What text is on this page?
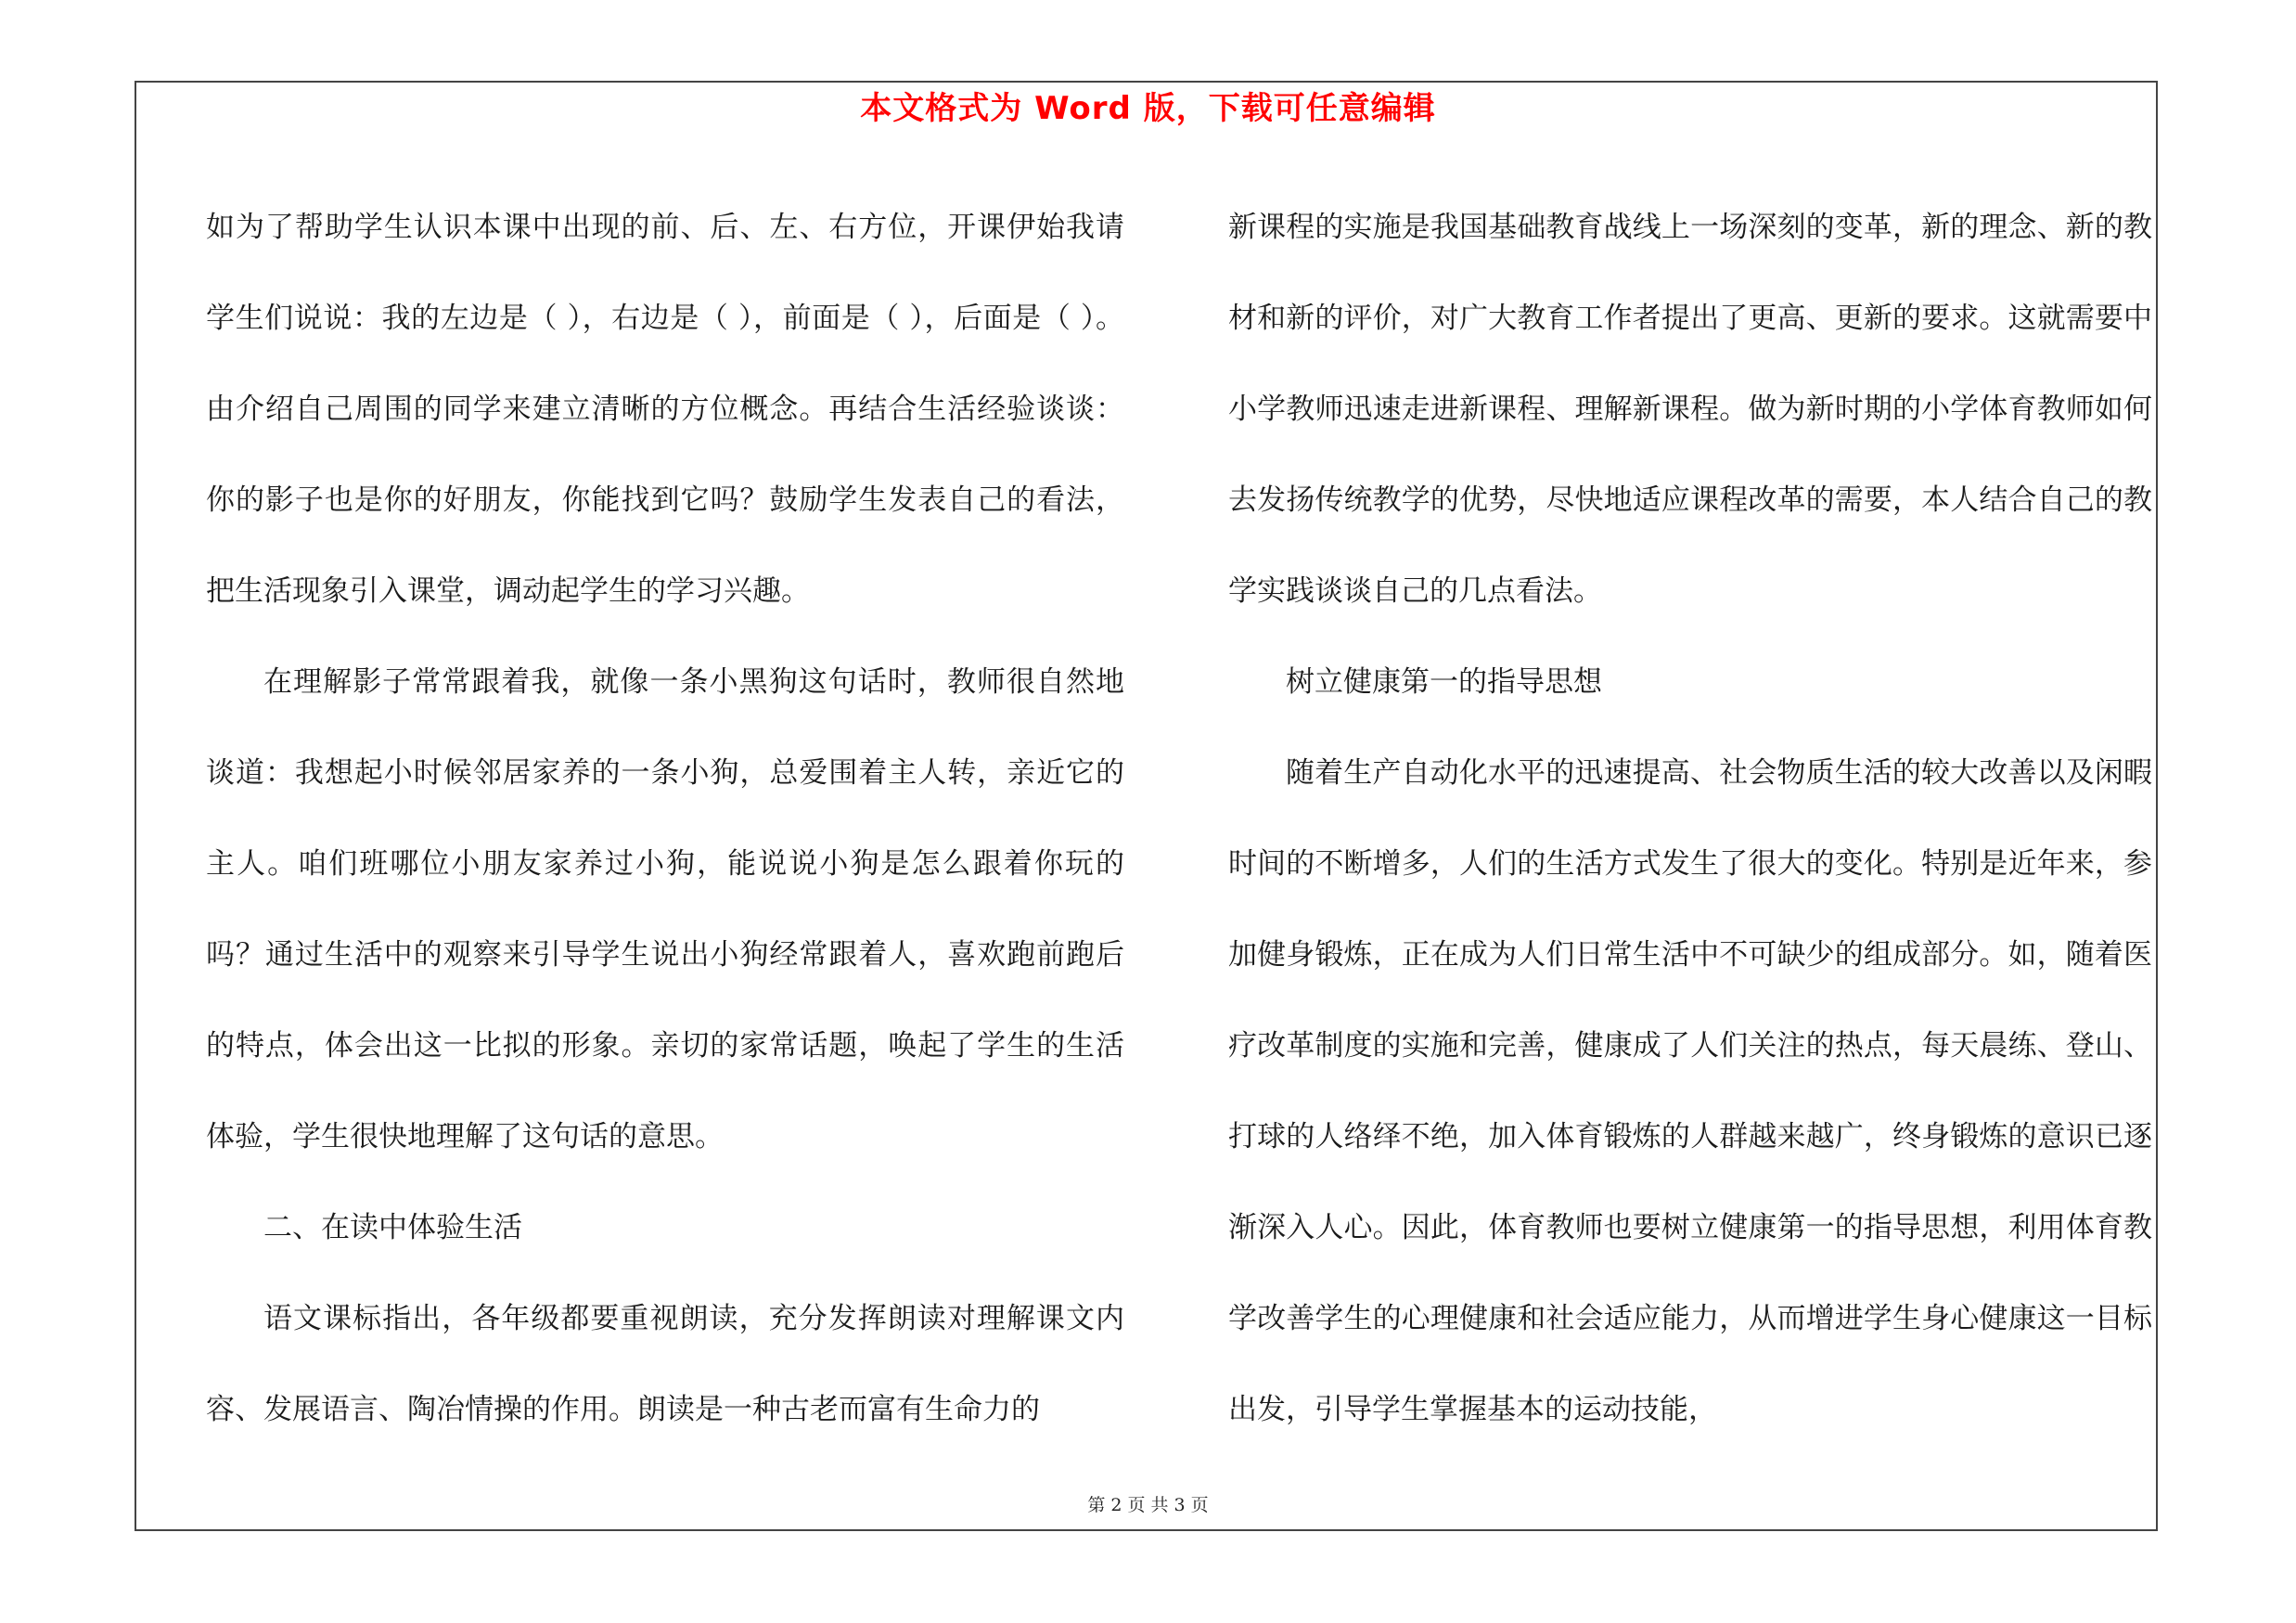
本文格式为 Word 版，下载可任意编辑

如为了帮助学生认识本课中出现的前、后、左、右方位，开课伊始我请学生们说说：我的左边是（ ），右边是（ ），前面是（ ），后面是（ ）。由介绍自己周围的同学来建立清晰的方位概念。再结合生活经验谈谈：你的影子也是你的好朋友，你能找到它吗？鼓励学生发表自己的看法，把生活现象引入课堂，调动起学生的学习兴趣。

在理解影子常常跟着我，就像一条小黑狗这句话时，教师很自然地谈道：我想起小时候邻居家养的一条小狗，总爱围着主人转，亲近它的主人。咱们班哪位小朋友家养过小狗，能说说小狗是怎么跟着你玩的吗？通过生活中的观察来引导学生说出小狗经常跟着人，喜欢跑前跑后的特点，体会出这一比拟的形象。亲切的家常话题，唤起了学生的生活体验，学生很快地理解了这句话的意思。

二、在读中体验生活

语文课标指出，各年级都要重视朗读，充分发挥朗读对理解课文内容、发展语言、陶冶情操的作用。朗读是一种古老而富有生命力的

新课程的实施是我国基础教育战线上一场深刻的变革，新的理念、新的教材和新的评价，对广大教育工作者提出了更高、更新的要求。这就需要中小学教师迅速走进新课程、理解新课程。做为新时期的小学体育教师如何去发扬传统教学的优势，尽快地适应课程改革的需要，本人结合自己的教学实践谈谈自己的几点看法。

树立健康第一的指导思想

随着生产自动化水平的迅速提高、社会物质生活的较大改善以及闲暇时间的不断增多，人们的生活方式发生了很大的变化。特别是近年来，参加健身锻炼，正在成为人们日常生活中不可缺少的组成部分。如，随着医疗改革制度的实施和完善，健康成了人们关注的热点，每天晨练、登山、打球的人络绎不绝，加入体育锻炼的人群越来越广，终身锻炼的意识已逐渐深入人心。因此，体育教师也要树立健康第一的指导思想，利用体育教学改善学生的心理健康和社会适应能力，从而增进学生身心健康这一目标出发，引导学生掌握基本的运动技能，

第 2 页 共 3 页
